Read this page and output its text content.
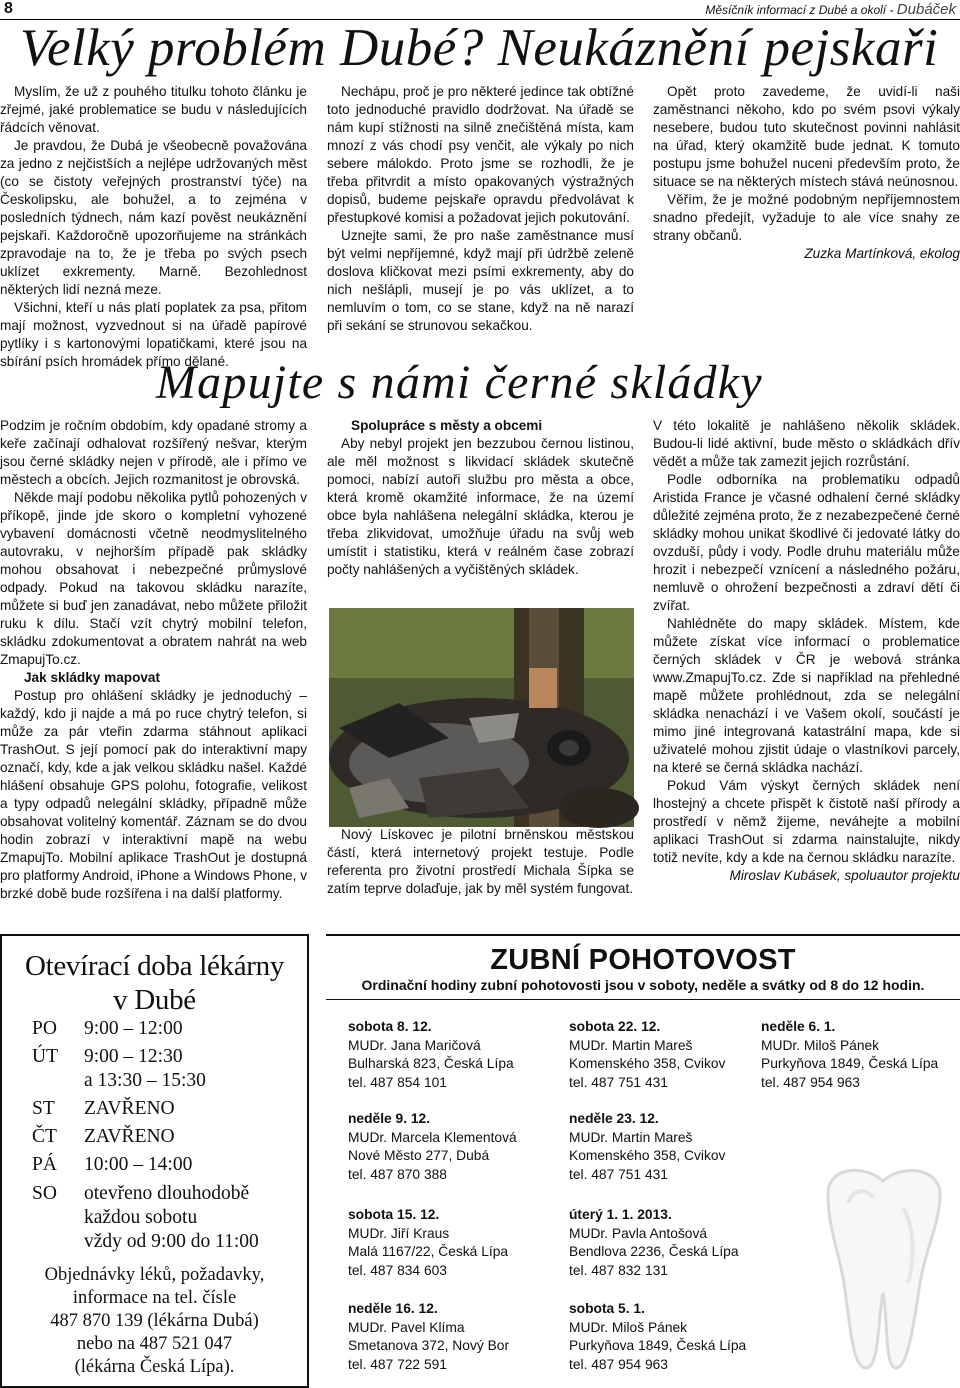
8	Měsíčník informací z Dubé a okolí - Dubáček
Velký problém Dubé? Neukáznění pejskaři

Myslím, že už z pouhého titulku tohoto článku je zřejmé, jaké problematice se budu v následujících řádcích věnovat.

Je pravdou, že Dubá je všeobecně považována za jedno z nejčistších a nejlépe udržovaných měst (co se čistoty veřejných prostranství týče) na Českolipsku, ale bohužel, a to zejména v posledních týdnech, nám kazí pověst neukáznění pejskaři. Každoročně upozorňujeme na stránkách zpravodaje na to, že je třeba po svých psech uklízet exkrementy. Marně. Bezohlednost některých lidí nezná meze.

Všichni, kteří u nás platí poplatek za psa, přitom mají možnost, vyzvednout si na úřadě papírové pytlíky i s kartonovými lopatičkami, které jsou na sbírání psích hromádek přímo dělané.

Nechápu, proč je pro některé jedince tak obtížné toto jednoduché pravidlo dodržovat. Na úřadě se nám kupí stížnosti na silně znečištěná místa, kam mnozí z vás chodí psy venčit, ale výkaly po nich sebere málokdo. Proto jsme se rozhodli, že je třeba přitvrdit a místo opakovaných výstražných dopisů, budeme pejskaře opravdu předvolávat k přestupkové komisi a požadovat jejich pokutování.

Uznejte sami, že pro naše zaměstnance musí být velmi nepříjemné, když mají při údržbě zeleně doslova kličkovat mezi psími exkrementy, aby do nich nešlápli, musejí je po vás uklízet, a to nemluvím o tom, co se stane, když na ně narazí při sekání se strunovou sekačkou.

Opět proto zavedeme, že uvidí-li naši zaměstnanci někoho, kdo po svém psovi výkaly nesebere, budou tuto skutečnost povinni nahlásit na úřad, který okamžitě bude jednat. K tomuto postupu jsme bohužel nuceni především proto, že situace se na některých místech stává neúnosnou.

Věřím, že je možné podobným nepříjemnostem snadno předejít, vyžaduje to ale více snahy ze strany občanů.

Zuzka Martínková, ekolog

Mapujte s námi černé skládky

Podzim je ročním obdobím, kdy opadané stromy a keře začínají odhalovat rozšířený nešvar, kterým jsou černé skládky nejen v přírodě, ale i přímo ve městech a obcích. Jejich rozmanitost je obrovská.

Někde mají podobu několika pytlů pohozených v příkopě, jinde jde skoro o kompletní vyhozené vybavení domácnosti včetně neodmyslitelného autovraku, v nejhorším případě pak skládky mohou obsahovat i nebezpečné průmyslové odpady. Pokud na takovou skládku narazíte, můžete si buď jen zanadávat, nebo můžete přiložit ruku k dílu. Stačí vzít chytrý mobilní telefon, skládku zdokumentovat a obratem nahrát na web ZmapujTo.cz.

Jak skládky mapovat

Postup pro ohlášení skládky je jednoduchý – každý, kdo ji najde a má po ruce chytrý telefon, si může za pár vteřin zdarma stáhnout aplikaci TrashOut. S její pomocí pak do interaktivní mapy označí, kdy, kde a jak velkou skládku našel. Každé hlášení obsahuje GPS polohu, fotografie, velikost a typy odpadů nelegální skládky, případně může obsahovat volitelný komentář. Záznam se do dvou hodin zobrazí v interaktivní mapě na webu ZmapujTo. Mobilní aplikace TrashOut je dostupná pro platformy Android, iPhone a Windows Phone, v brzké době bude rozšířena i na další platformy.

Spolupráce s městy a obcemi

Aby nebyl projekt jen bezzubou černou listinou, ale měl možnost s likvidací skládek skutečně pomoci, nabízí autoři službu pro města a obce, která kromě okamžité informace, že na území obce byla nahlášena nelegální skládka, kterou je třeba zlikvidovat, umožňuje úřadu na svůj web umístit i statistiku, která v reálném čase zobrazí počty nahlášených a vyčištěných skládek.

Nový Lískovec je pilotní brněnskou městskou částí, která internetový projekt testuje. Podle referenta pro životní prostředí Michala Šípka se zatím teprve dolaďuje, jak by měl systém fungovat.

V této lokalitě je nahlášeno několik skládek. Budou-li lidé aktivní, bude město o skládkách dřív vědět a může tak zamezit jejich rozrůstání.

Podle odborníka na problematiku odpadů Aristida France je včasné odhalení černé skládky důležité zejména proto, že z nezabezpečené černé skládky mohou unikat škodlivé či jedovaté látky do ovzduší, půdy i vody. Podle druhu materiálu může hrozit i nebezpečí vznícení a následného požáru, nemluvě o ohrožení bezpečnosti a zdraví dětí či zvířat.

Nahlédněte do mapy skládek. Místem, kde můžete získat více informací o problematice černých skládek v ČR je webová stránka www.ZmapujTo.cz. Zde si například na přehledné mapě můžete prohlédnout, zda se nelegální skládka nenachází i ve Vašem okolí, součástí je mimo jiné integrovaná katastrální mapa, kde si uživatelé mohou zjistit údaje o vlastníkovi parcely, na které se černá skládka nachází.

Pokud Vám výskyt černých skládek není lhostejný a chcete přispět k čistotě naší přírody a prostředí v němž žijeme, neváhejte a mobilní aplikaci TrashOut si zdarma nainstalujte, nikdy totiž nevíte, kdy a kde na černou skládku narazíte.

Miroslav Kubásek, spoluautor projektu

Otevírací doba lékárny
v Dubé
PO 9:00 – 12:00
ÚT 9:00 – 12:30
a 13:30 – 15:30
ST ZAVŘENO
ČT ZAVŘENO
PÁ 10:00 – 14:00
SO otevřeno dlouhodobě
každou sobotu
vždy od 9:00 do 11:00
Objednávky léků, požadavky,
informace na tel. čísle
487 870 139 (lékárna Dubá)
nebo na 487 521 047
(lékárna Česká Lípa).
ZUBNÍ POHOTOVOST
Ordinační hodiny zubní pohotovosti jsou v soboty, neděle a svátky od 8 do 12 hodin.
sobota 8. 12.
MUDr. Jana Maričová
Bulharská 823, Česká Lípa
tel. 487 854 101
neděle 9. 12.
MUDr. Marcela Klementová
Nové Město 277, Dubá
tel. 487 870 388
sobota 15. 12.
MUDr. Jiří Kraus
Malá 1167/22, Česká Lípa
tel. 487 834 603
neděle 16. 12.
MUDr. Pavel Klíma
Smetanova 372, Nový Bor
tel. 487 722 591
sobota 22. 12.
MUDr. Martin Mareš
Komenského 358, Cvikov
tel. 487 751 431
neděle 23. 12.
MUDr. Martin Mareš
Komenského 358, Cvikov
tel. 487 751 431
úterý 1. 1. 2013.
MUDr. Pavla Antošová
Bendlova 2236, Česká Lípa
tel. 487 832 131
sobota 5. 1.
MUDr. Miloš Pánek
Purkyňova 1849, Česká Lípa
tel. 487 954 963
neděle 6. 1.
MUDr. Miloš Pánek
Purkyňova 1849, Česká Lípa
tel. 487 954 963
